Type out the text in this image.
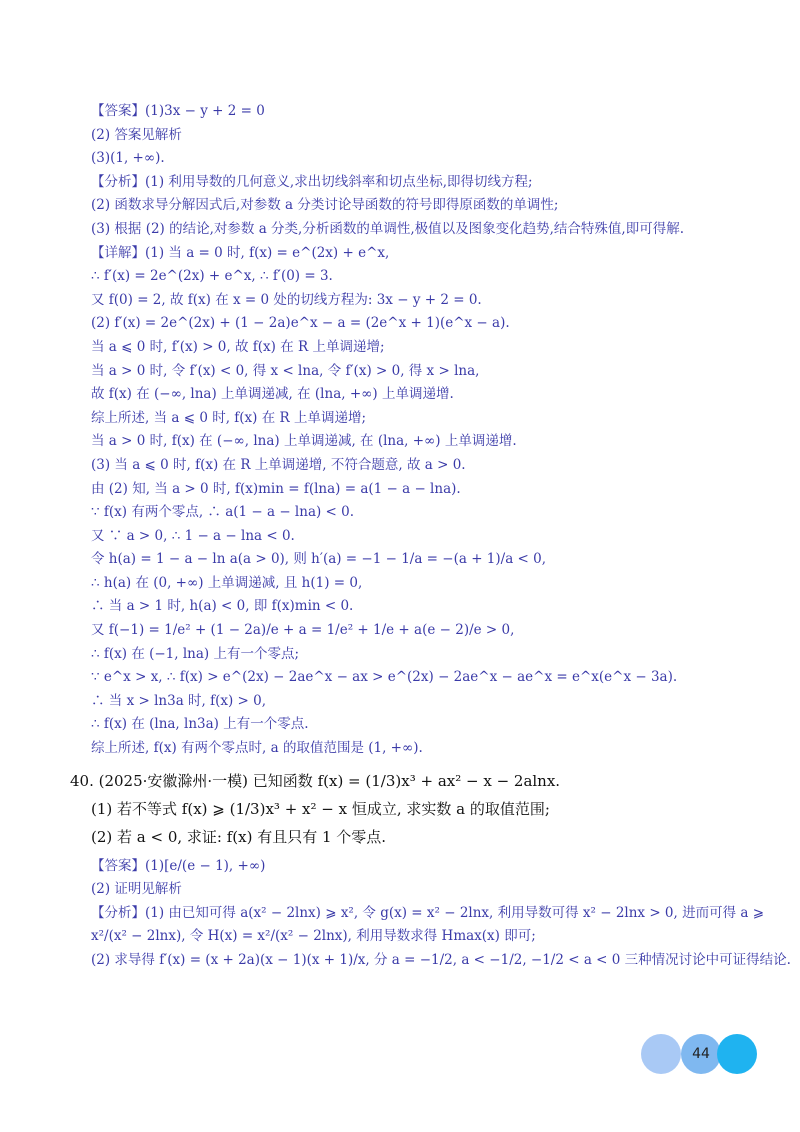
【答案】(1)3x − y + 2 = 0
(2) 答案见解析
(3)(1, +∞).
【分析】(1) 利用导数的几何意义,求出切线斜率和切点坐标,即得切线方程;
(2) 函数求导分解因式后,对参数 a 分类讨论导函数的符号即得原函数的单调性;
(3) 根据 (2) 的结论,对参数 a 分类,分析函数的单调性,极值以及图象变化趋势,结合特殊值,即可得解.
【详解】(1) 当 a = 0 时, f(x) = e^(2x) + e^x,
∴ f′(x) = 2e^(2x) + e^x, ∴ f′(0) = 3.
又 f(0) = 2, 故 f(x) 在 x = 0 处的切线方程为: 3x − y + 2 = 0.
(2) f′(x) = 2e^(2x) + (1 − 2a)e^x − a = (2e^x + 1)(e^x − a).
当 a ⩽ 0 时, f′(x) > 0, 故 f(x) 在 R 上单调递增;
当 a > 0 时, 令 f′(x) < 0, 得 x < lna, 令 f′(x) > 0, 得 x > lna,
故 f(x) 在 (−∞, lna) 上单调递减, 在 (lna, +∞) 上单调递增.
综上所述, 当 a ⩽ 0 时, f(x) 在 R 上单调递增;
当 a > 0 时, f(x) 在 (−∞, lna) 上单调递减, 在 (lna, +∞) 上单调递增.
(3) 当 a ⩽ 0 时, f(x) 在 R 上单调递增, 不符合题意, 故 a > 0.
由 (2) 知, 当 a > 0 时, f(x)min = f(lna) = a(1 − a − lna).
∵ f(x) 有两个零点, ∴ a(1 − a − lna) < 0.
又 ∵ a > 0, ∴ 1 − a − lna < 0.
令 h(a) = 1 − a − ln a(a > 0), 则 h′(a) = −1 − 1/a = −(a + 1)/a < 0,
∴ h(a) 在 (0, +∞) 上单调递减, 且 h(1) = 0,
∴ 当 a > 1 时, h(a) < 0, 即 f(x)min < 0.
又 f(−1) = 1/e² + (1 − 2a)/e + a = 1/e² + 1/e + a(e − 2)/e > 0,
∴ f(x) 在 (−1, lna) 上有一个零点;
∵ e^x > x, ∴ f(x) > e^(2x) − 2ae^x − ax > e^(2x) − 2ae^x − ae^x = e^x(e^x − 3a).
∴ 当 x > ln3a 时, f(x) > 0,
∴ f(x) 在 (lna, ln3a) 上有一个零点.
综上所述, f(x) 有两个零点时, a 的取值范围是 (1, +∞).
40. (2025·安徽滁州·一模) 已知函数 f(x) = (1/3)x³ + ax² − x − 2alnx.
(1) 若不等式 f(x) ⩾ (1/3)x³ + x² − x 恒成立, 求实数 a 的取值范围;
(2) 若 a < 0, 求证: f(x) 有且只有 1 个零点.
【答案】(1)[e/(e − 1), +∞)
(2) 证明见解析
【分析】(1) 由已知可得 a(x² − 2lnx) ⩾ x², 令 g(x) = x² − 2lnx, 利用导数可得 x² − 2lnx > 0, 进而可得 a ⩾
x²/(x² − 2lnx), 令 H(x) = x²/(x² − 2lnx), 利用导数求得 Hmax(x) 即可;
(2) 求导得 f′(x) = (x + 2a)(x − 1)(x + 1)/x, 分 a = −1/2, a < −1/2, −1/2 < a < 0 三种情况讨论中可证得结论.
44
